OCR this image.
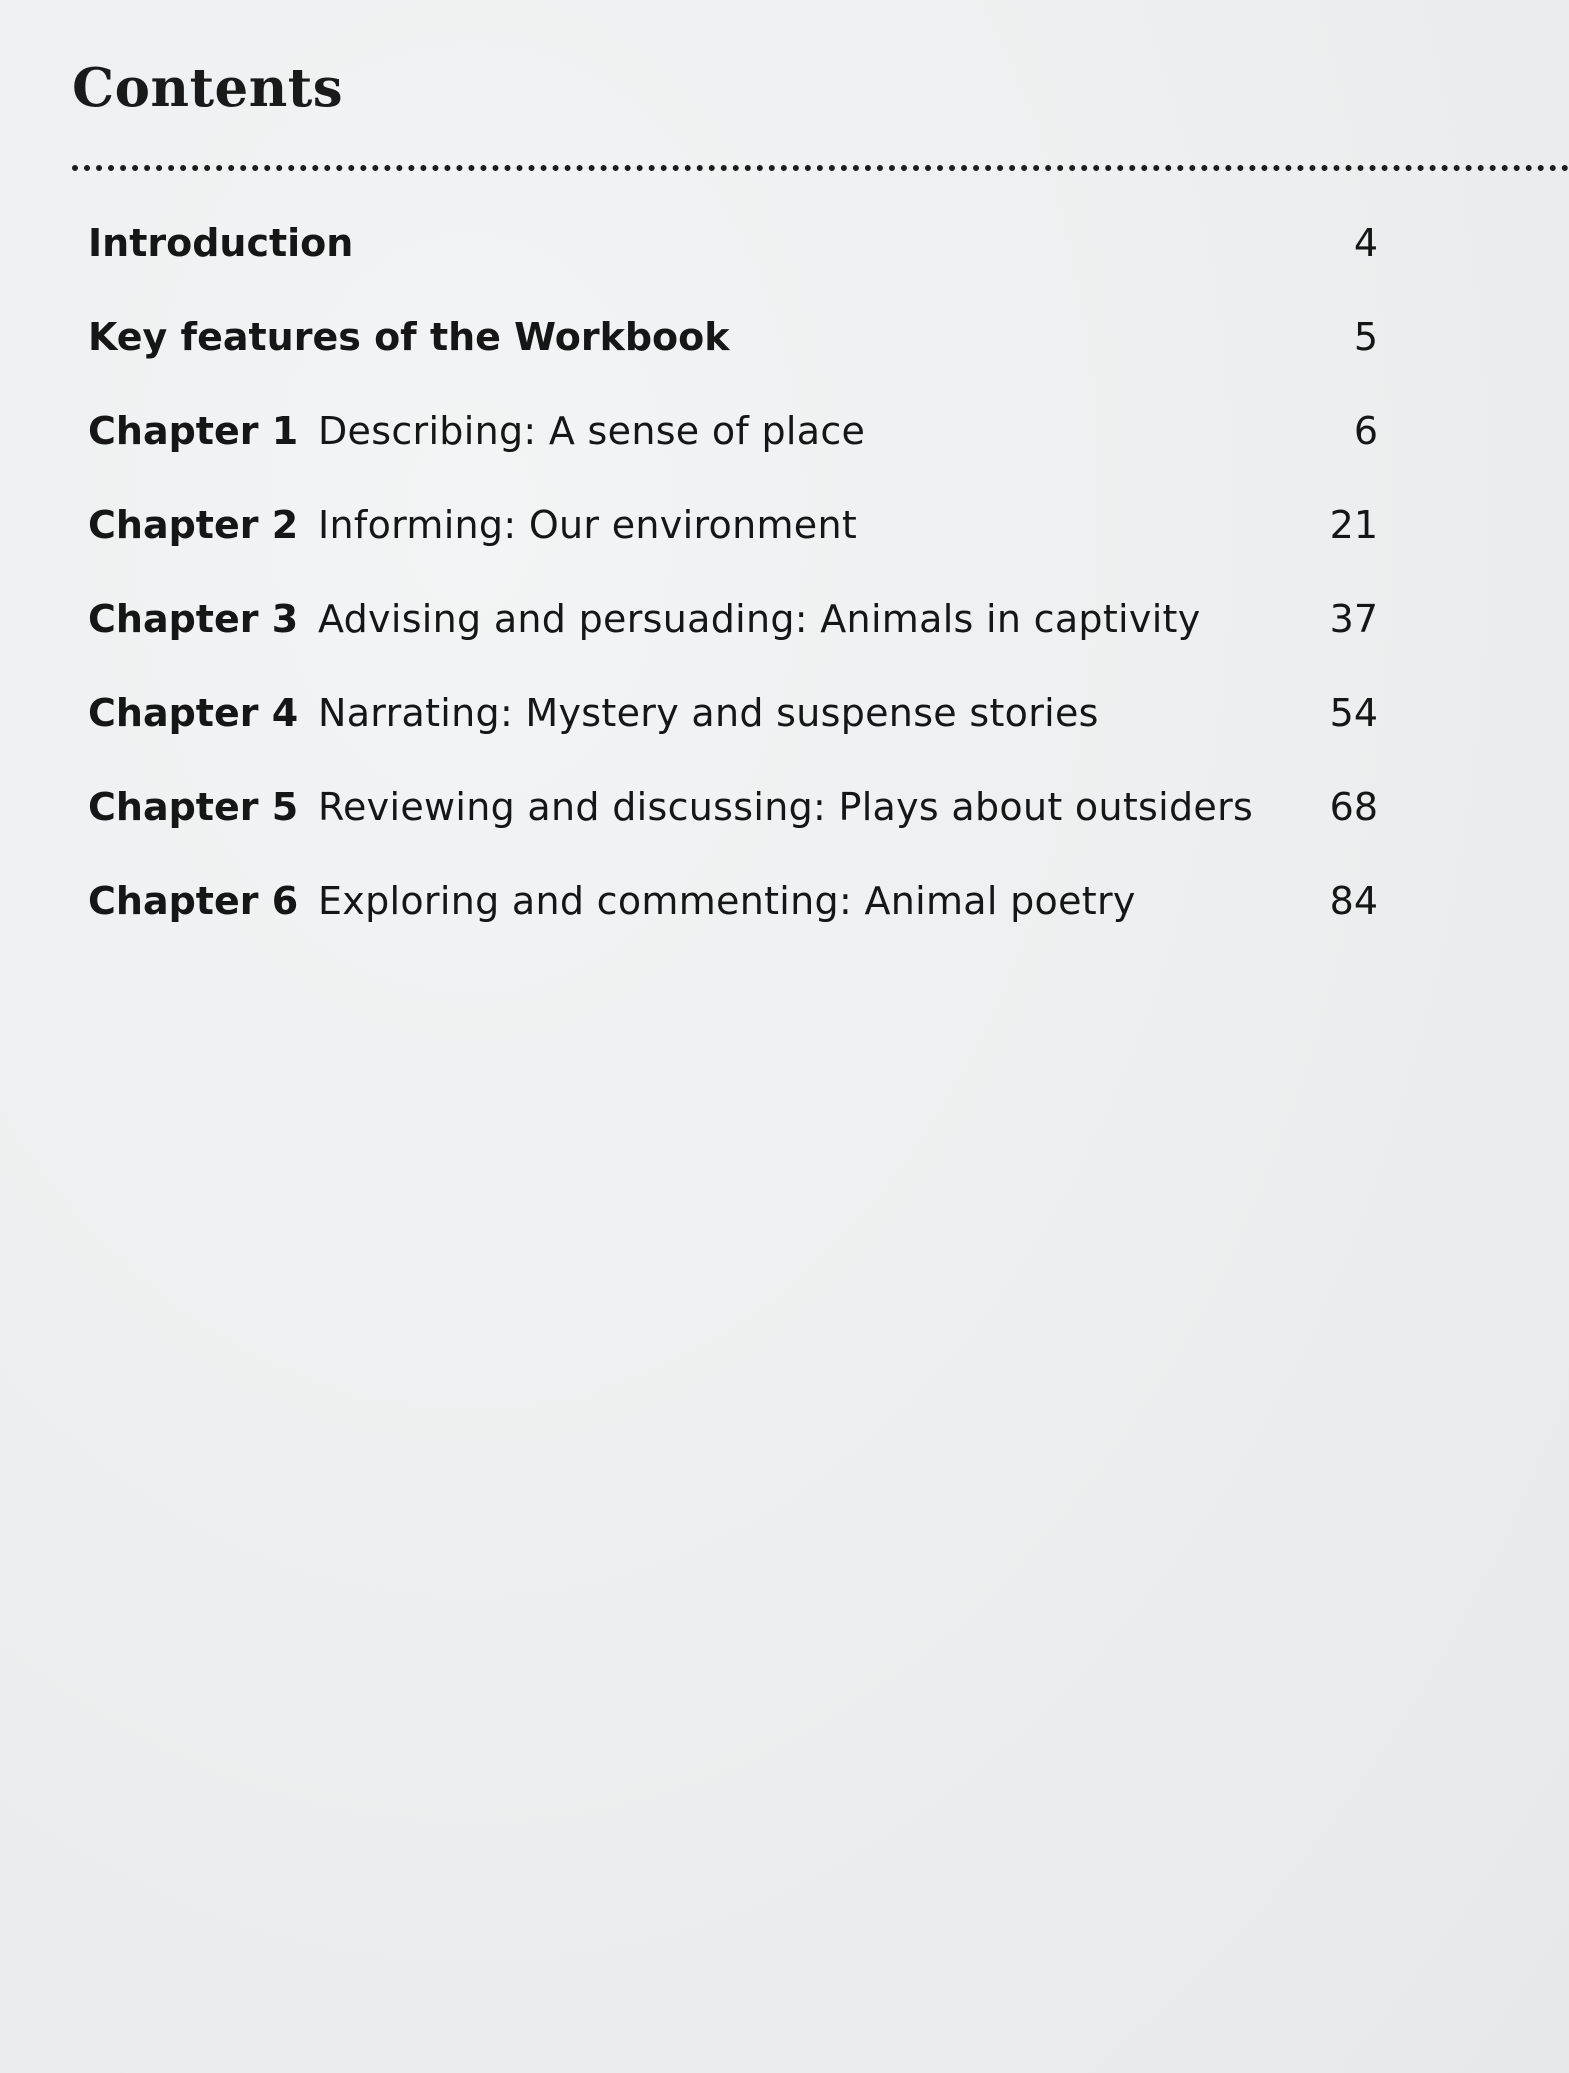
Contents
Introduction	4
Key features of the Workbook	5
Chapter 1 Describing: A sense of place	6
Chapter 2 Informing: Our environment	21
Chapter 3 Advising and persuading: Animals in captivity	37
Chapter 4 Narrating: Mystery and suspense stories	54
Chapter 5 Reviewing and discussing: Plays about outsiders 68
Chapter 6 Exploring and commenting: Animal poetry	84
